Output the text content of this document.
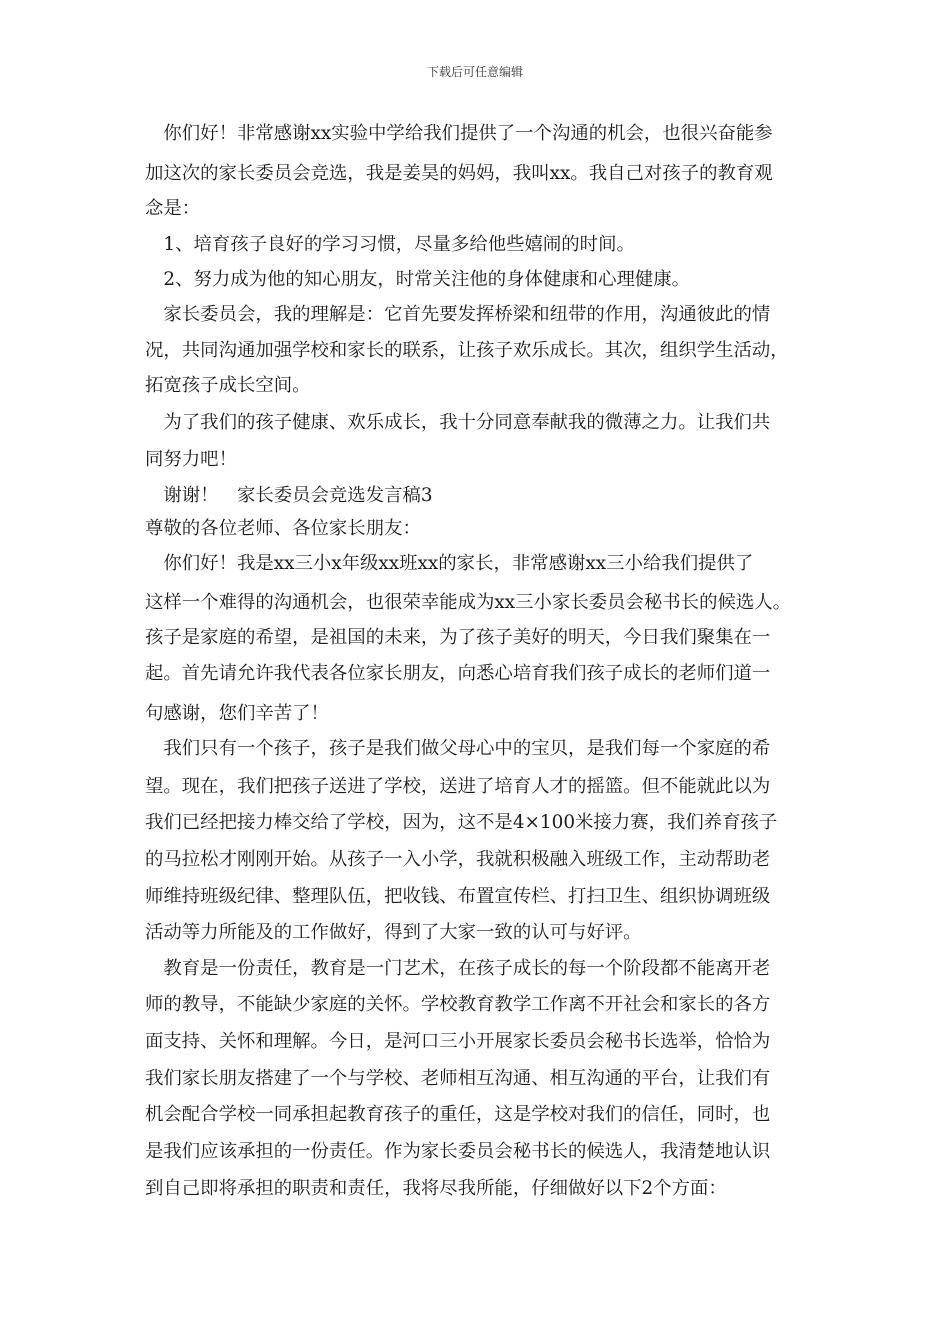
下载后可任意编辑
　你们好！非常感谢xx实验中学给我们提供了一个沟通的机会，也很兴奋能参
加这次的家长委员会竞选，我是姜昊的妈妈，我叫xx。我自己对孩子的教育观
念是：
　1、培育孩子良好的学习习惯，尽量多给他些嬉闹的时间。
　2、努力成为他的知心朋友，时常关注他的身体健康和心理健康。
　家长委员会，我的理解是：它首先要发挥桥梁和纽带的作用，沟通彼此的情
况，共同沟通加强学校和家长的联系，让孩子欢乐成长。其次，组织学生活动，
拓宽孩子成长空间。
　为了我们的孩子健康、欢乐成长，我十分同意奉献我的微薄之力。让我们共
同努力吧！
　谢谢！　家长委员会竞选发言稿3
尊敬的各位老师、各位家长朋友：
　你们好！我是xx三小x年级xx班xx的家长，非常感谢xx三小给我们提供了
这样一个难得的沟通机会，也很荣幸能成为xx三小家长委员会秘书长的候选人。
孩子是家庭的希望，是祖国的未来，为了孩子美好的明天，今日我们聚集在一
起。首先请允许我代表各位家长朋友，向悉心培育我们孩子成长的老师们道一
句感谢，您们辛苦了！
　我们只有一个孩子，孩子是我们做父母心中的宝贝，是我们每一个家庭的希
望。现在，我们把孩子送进了学校，送进了培育人才的摇篮。但不能就此以为
我们已经把接力棒交给了学校，因为，这不是4×100米接力赛，我们养育孩子
的马拉松才刚刚开始。从孩子一入小学，我就积极融入班级工作，主动帮助老
师维持班级纪律、整理队伍，把收钱、布置宣传栏、打扫卫生、组织协调班级
活动等力所能及的工作做好，得到了大家一致的认可与好评。
　教育是一份责任，教育是一门艺术，在孩子成长的每一个阶段都不能离开老
师的教导，不能缺少家庭的关怀。学校教育教学工作离不开社会和家长的各方
面支持、关怀和理解。今日，是河口三小开展家长委员会秘书长选举，恰恰为
我们家长朋友搭建了一个与学校、老师相互沟通、相互沟通的平台，让我们有
机会配合学校一同承担起教育孩子的重任，这是学校对我们的信任，同时，也
是我们应该承担的一份责任。作为家长委员会秘书长的候选人，我清楚地认识
到自己即将承担的职责和责任，我将尽我所能，仔细做好以下2个方面：
